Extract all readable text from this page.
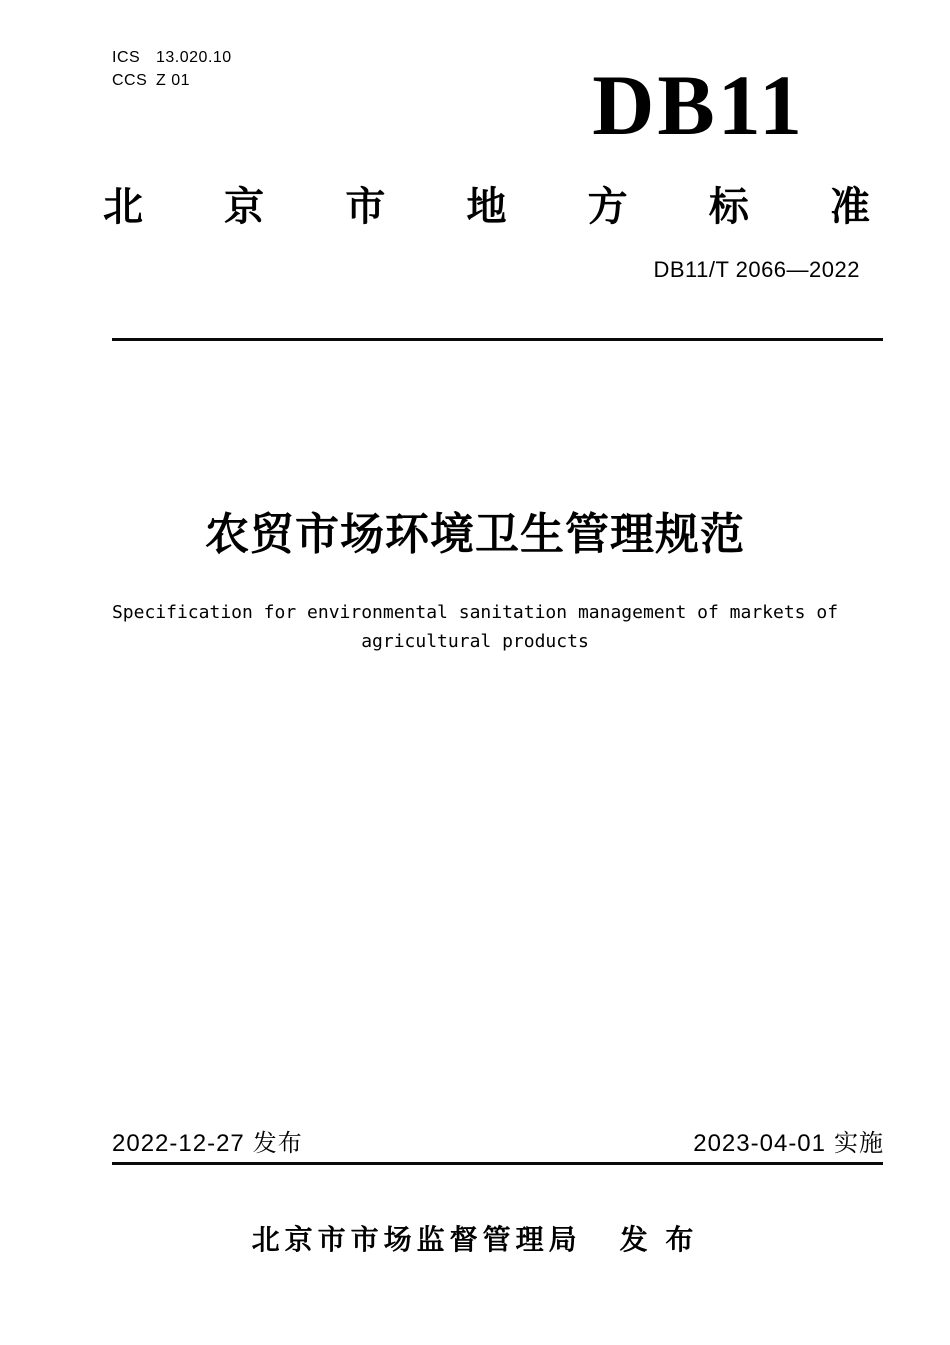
ICS 13.020.10
CCS Z 01	DB11
北京市地方标准
DB11/T 2066—2022
农贸市场环境卫生管理规范
Specification for environmental sanitation management of markets of
agricultural products
2022-12-27 发布	2023-04-01 实施
北京市市场监督管理局 发 布
